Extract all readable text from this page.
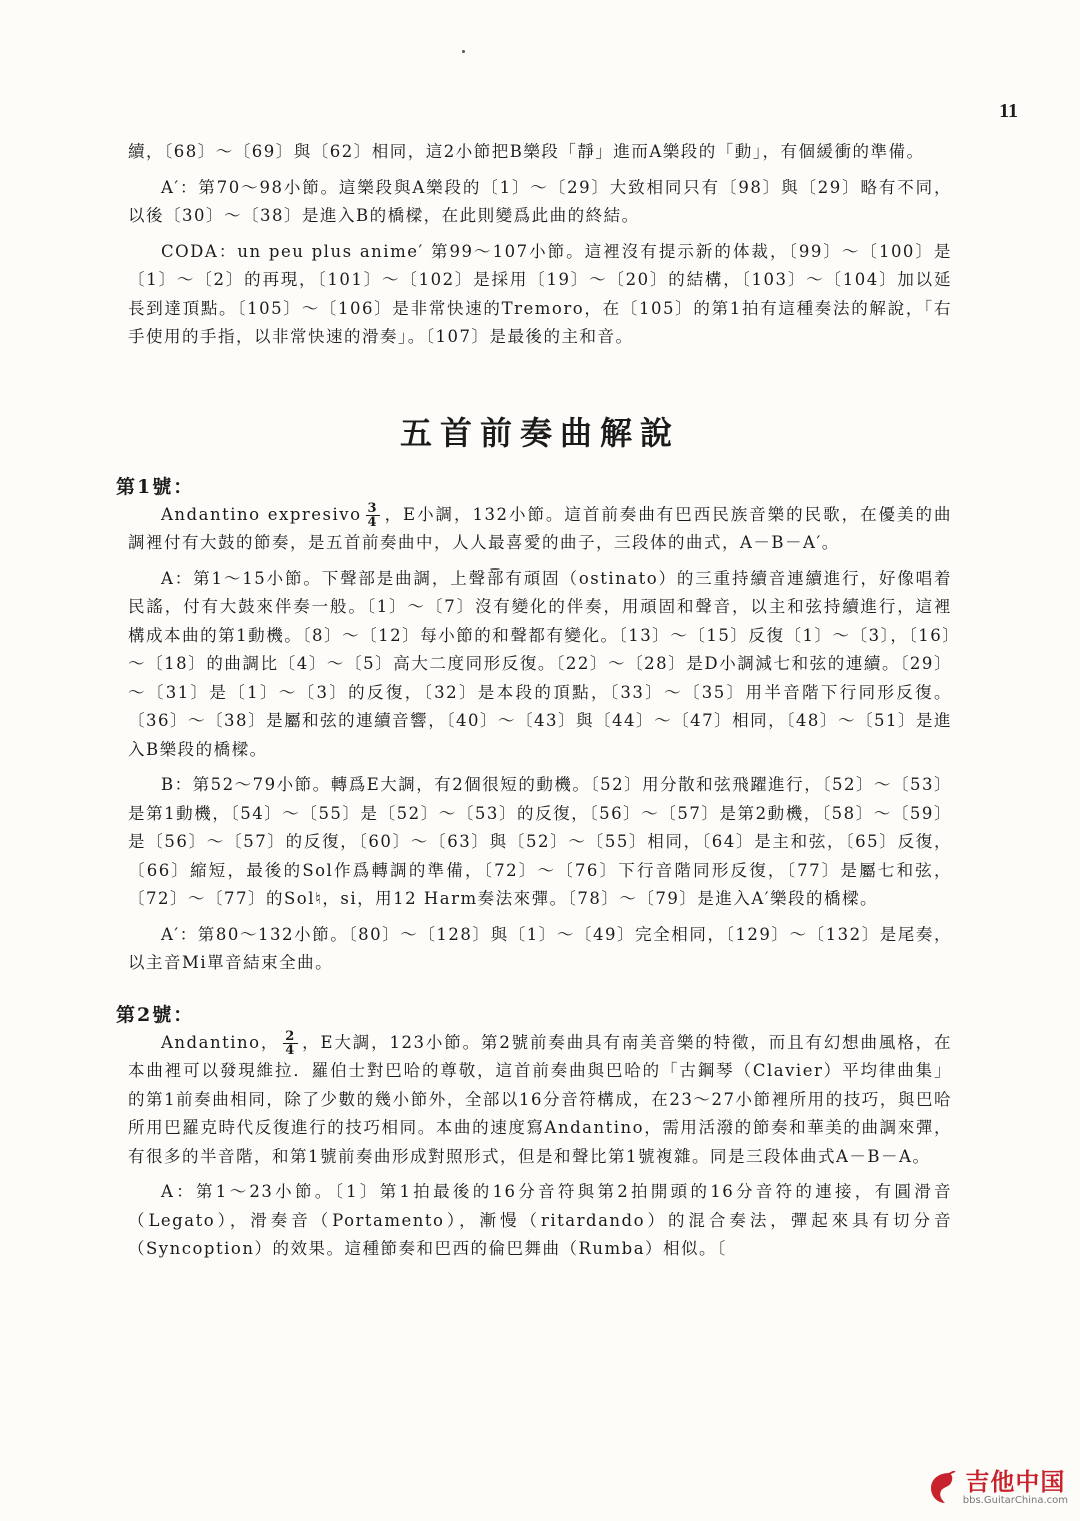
11

續，〔68〕～〔69〕與〔62〕相同，這2小節把B樂段「靜」進而A樂段的「動」，有個緩衝的準備。

A′：第70～98小節。這樂段與A樂段的〔1〕～〔29〕大致相同只有〔98〕與〔29〕略有不同，以後〔30〕～〔38〕是進入B的橋樑，在此則變爲此曲的終結。

CODA：un peu plus anime′ 第99～107小節。這裡沒有提示新的体裁，〔99〕～〔100〕是〔1〕～〔2〕的再現，〔101〕～〔102〕是採用〔19〕～〔20〕的結構，〔103〕～〔104〕加以延長到達頂點。〔105〕～〔106〕是非常快速的Tremoro，在〔105〕的第1拍有這種奏法的解說，「右手使用的手指，以非常快速的滑奏」。〔107〕是最後的主和音。

五首前奏曲解說
第1號：

Andantino expresivo $\frac{3}{4}$ ，E小調，132小節。這首前奏曲有巴西民族音樂的民歌，在優美的曲調裡付有大鼓的節奏，是五首前奏曲中，人人最喜愛的曲子，三段体的曲式，A－B－A′。

A：第1～15小節。下聲部是曲調，上聲部有頑固（ostinato）的三重持續音連續進行，好像唱着民謠，付有大鼓來伴奏一般。〔1〕～〔7〕沒有變化的伴奏，用頑固和聲音，以主和弦持續進行，這裡構成本曲的第1動機。〔8〕～〔12〕每小節的和聲都有變化。〔13〕～〔15〕反復〔1〕～〔3〕，〔16〕～〔18〕的曲調比〔4〕～〔5〕高大二度同形反復。〔22〕～〔28〕是D小調減七和弦的連續。〔29〕～〔31〕是〔1〕～〔3〕的反復，〔32〕是本段的頂點，〔33〕～〔35〕用半音階下行同形反復。〔36〕～〔38〕是屬和弦的連續音響，〔40〕～〔43〕與〔44〕～〔47〕相同，〔48〕～〔51〕是進入B樂段的橋樑。

B：第52～79小節。轉爲E大調，有2個很短的動機。〔52〕用分散和弦飛躍進行，〔52〕～〔53〕是第1動機，〔54〕～〔55〕是〔52〕～〔53〕的反復，〔56〕～〔57〕是第2動機，〔58〕～〔59〕是〔56〕～〔57〕的反復，〔60〕～〔63〕與〔52〕～〔55〕相同，〔64〕是主和弦，〔65〕反復，〔66〕縮短，最後的Sol作爲轉調的準備，〔72〕～〔76〕下行音階同形反復，〔77〕是屬七和弦，〔72〕～〔77〕的Sol♮，si，用12 Harm奏法來彈。〔78〕～〔79〕是進入A′樂段的橋樑。

A′：第80～132小節。〔80〕～〔128〕與〔1〕～〔49〕完全相同，〔129〕～〔132〕是尾奏，以主音Mi單音結束全曲。

第2號：

Andantino， $\frac{2}{4}$ ，E大調，123小節。第2號前奏曲具有南美音樂的特徵，而且有幻想曲風格，在本曲裡可以發現維拉．羅伯士對巴哈的尊敬，這首前奏曲與巴哈的「古鋼琴（Clavier）平均律曲集」的第1前奏曲相同，除了少數的幾小節外，全部以16分音符構成，在23～27小節裡所用的技巧，與巴哈所用巴羅克時代反復進行的技巧相同。本曲的速度寫Andantino，需用活潑的節奏和華美的曲調來彈，有很多的半音階，和第1號前奏曲形成對照形式，但是和聲比第1號複雜。同是三段体曲式A－B－A。

A：第1～23小節。〔1〕第1拍最後的16分音符與第2拍開頭的16分音符的連接，有圓滑音（Legato），滑奏音（Portamento），漸慢（ritardando）的混合奏法，彈起來具有切分音（Syncoption）的效果。這種節奏和巴西的倫巴舞曲（Rumba）相似。〔

吉他中国
bbs.GuitarChina.com
